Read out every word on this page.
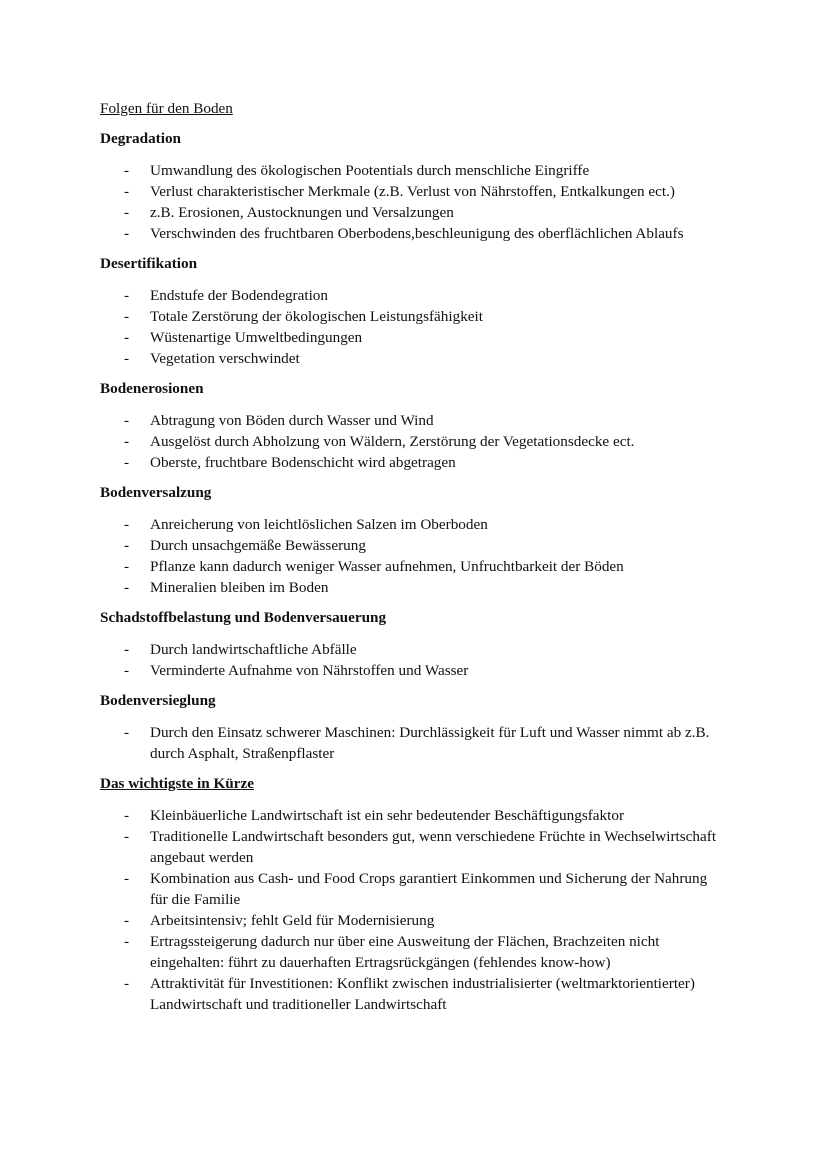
Folgen für den Boden
Degradation
- Umwandlung des ökologischen Pootentials durch menschliche Eingriffe
- Verlust charakteristischer Merkmale (z.B. Verlust von Nährstoffen, Entkalkungen ect.)
- z.B. Erosionen, Austocknungen und Versalzungen
- Verschwinden des fruchtbaren Oberbodens,beschleunigung des oberflächlichen Ablaufs
Desertifikation
- Endstufe der Bodendegration
- Totale Zerstörung der ökologischen Leistungsfähigkeit
- Wüstenartige Umweltbedingungen
- Vegetation verschwindet
Bodenerosionen
- Abtragung von Böden durch Wasser und Wind
- Ausgelöst durch Abholzung von Wäldern, Zerstörung der Vegetationsdecke ect.
- Oberste, fruchtbare Bodenschicht wird abgetragen
Bodenversalzung
- Anreicherung von leichtlöslichen Salzen im Oberboden
- Durch unsachgemäße Bewässerung
- Pflanze kann dadurch weniger Wasser aufnehmen, Unfruchtbarkeit der Böden
- Mineralien bleiben im Boden
Schadstoffbelastung und Bodenversauerung
- Durch landwirtschaftliche Abfälle
- Verminderte Aufnahme von Nährstoffen und Wasser
Bodenversieglung
- Durch den Einsatz schwerer Maschinen: Durchlässigkeit für Luft und Wasser nimmt ab z.B. durch Asphalt, Straßenpflaster
Das wichtigste in Kürze
- Kleinbäuerliche Landwirtschaft ist ein sehr bedeutender Beschäftigungsfaktor
- Traditionelle Landwirtschaft besonders gut, wenn verschiedene Früchte in Wechselwirtschaft angebaut werden
- Kombination aus Cash- und Food Crops garantiert Einkommen und Sicherung der Nahrung für die Familie
- Arbeitsintensiv; fehlt Geld für Modernisierung
- Ertragssteigerung dadurch nur über eine Ausweitung der Flächen, Brachzeiten nicht eingehalten: führt zu dauerhaften Ertragsrückgängen (fehlendes know-how)
- Attraktivität für Investitionen: Konflikt zwischen industrialisierter (weltmarktorientierter) Landwirtschaft und traditioneller Landwirtschaft
